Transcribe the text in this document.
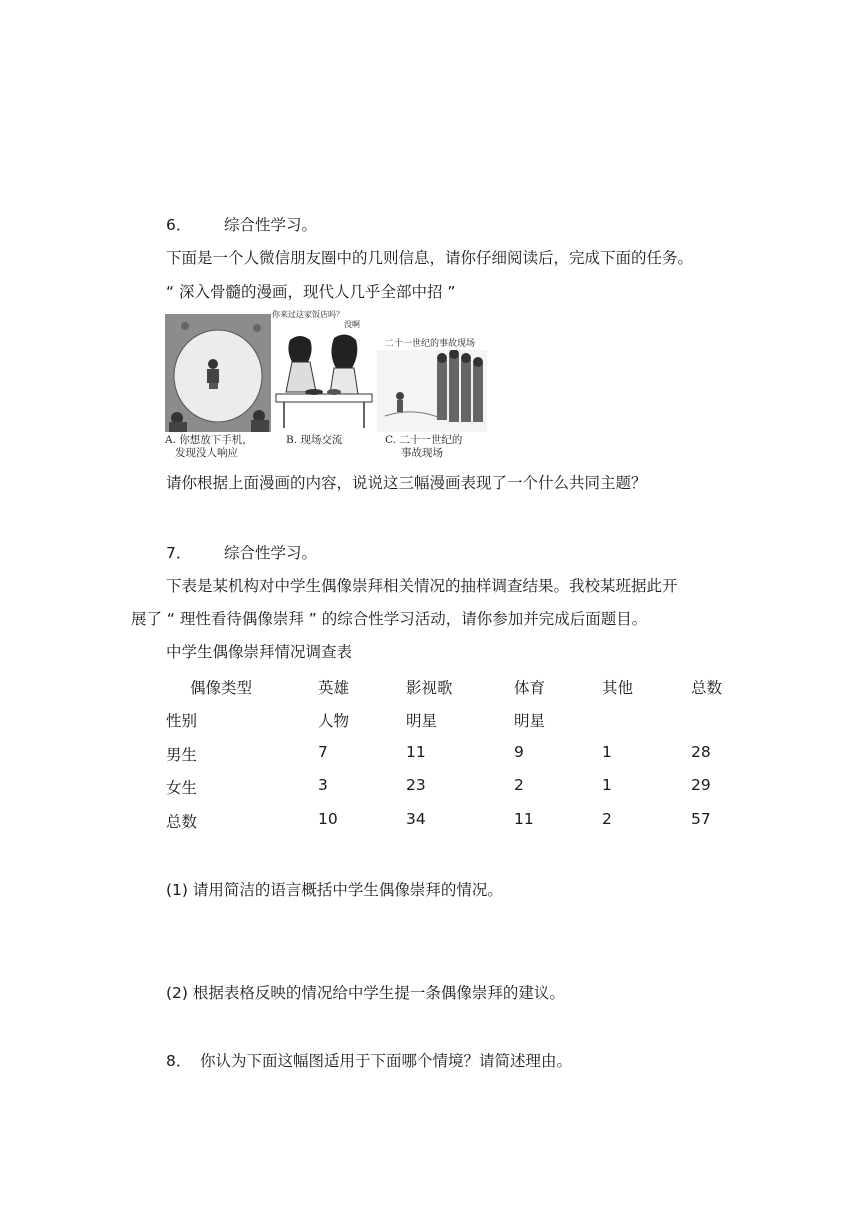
6． 综合性学习。
下面是一个人微信朋友圈中的几则信息，请你仔细阅读后，完成下面的任务。
“ 深入骨髓的漫画，现代人几乎全部中招 ”
A. 你想放下手机，
发现没人响应
你来过这家饭店吗？
没啊
B. 现场交流
二十一世纪的事故现场
C. 二十一世纪的
事故现场
请你根据上面漫画的内容，说说这三幅漫画表现了一个什么共同主题？
7． 综合性学习。
下表是某机构对中学生偶像崇拜相关情况的抽样调查结果。我校某班据此开
展了 “ 理性看待偶像崇拜 ” 的综合性学习活动，请你参加并完成后面题目。
中学生偶像崇拜情况调查表
偶像类型	英雄	影视歌	体育	其他	总数
性别	人物	明星	明星
男生	7	11	9	1	28
女生	3	23	2	1	29
总数	10	34	11	2	57
(1) 请用简洁的语言概括中学生偶像崇拜的情况。
(2) 根据表格反映的情况给中学生提一条偶像崇拜的建议。
8． 你认为下面这幅图适用于下面哪个情境？请简述理由。
